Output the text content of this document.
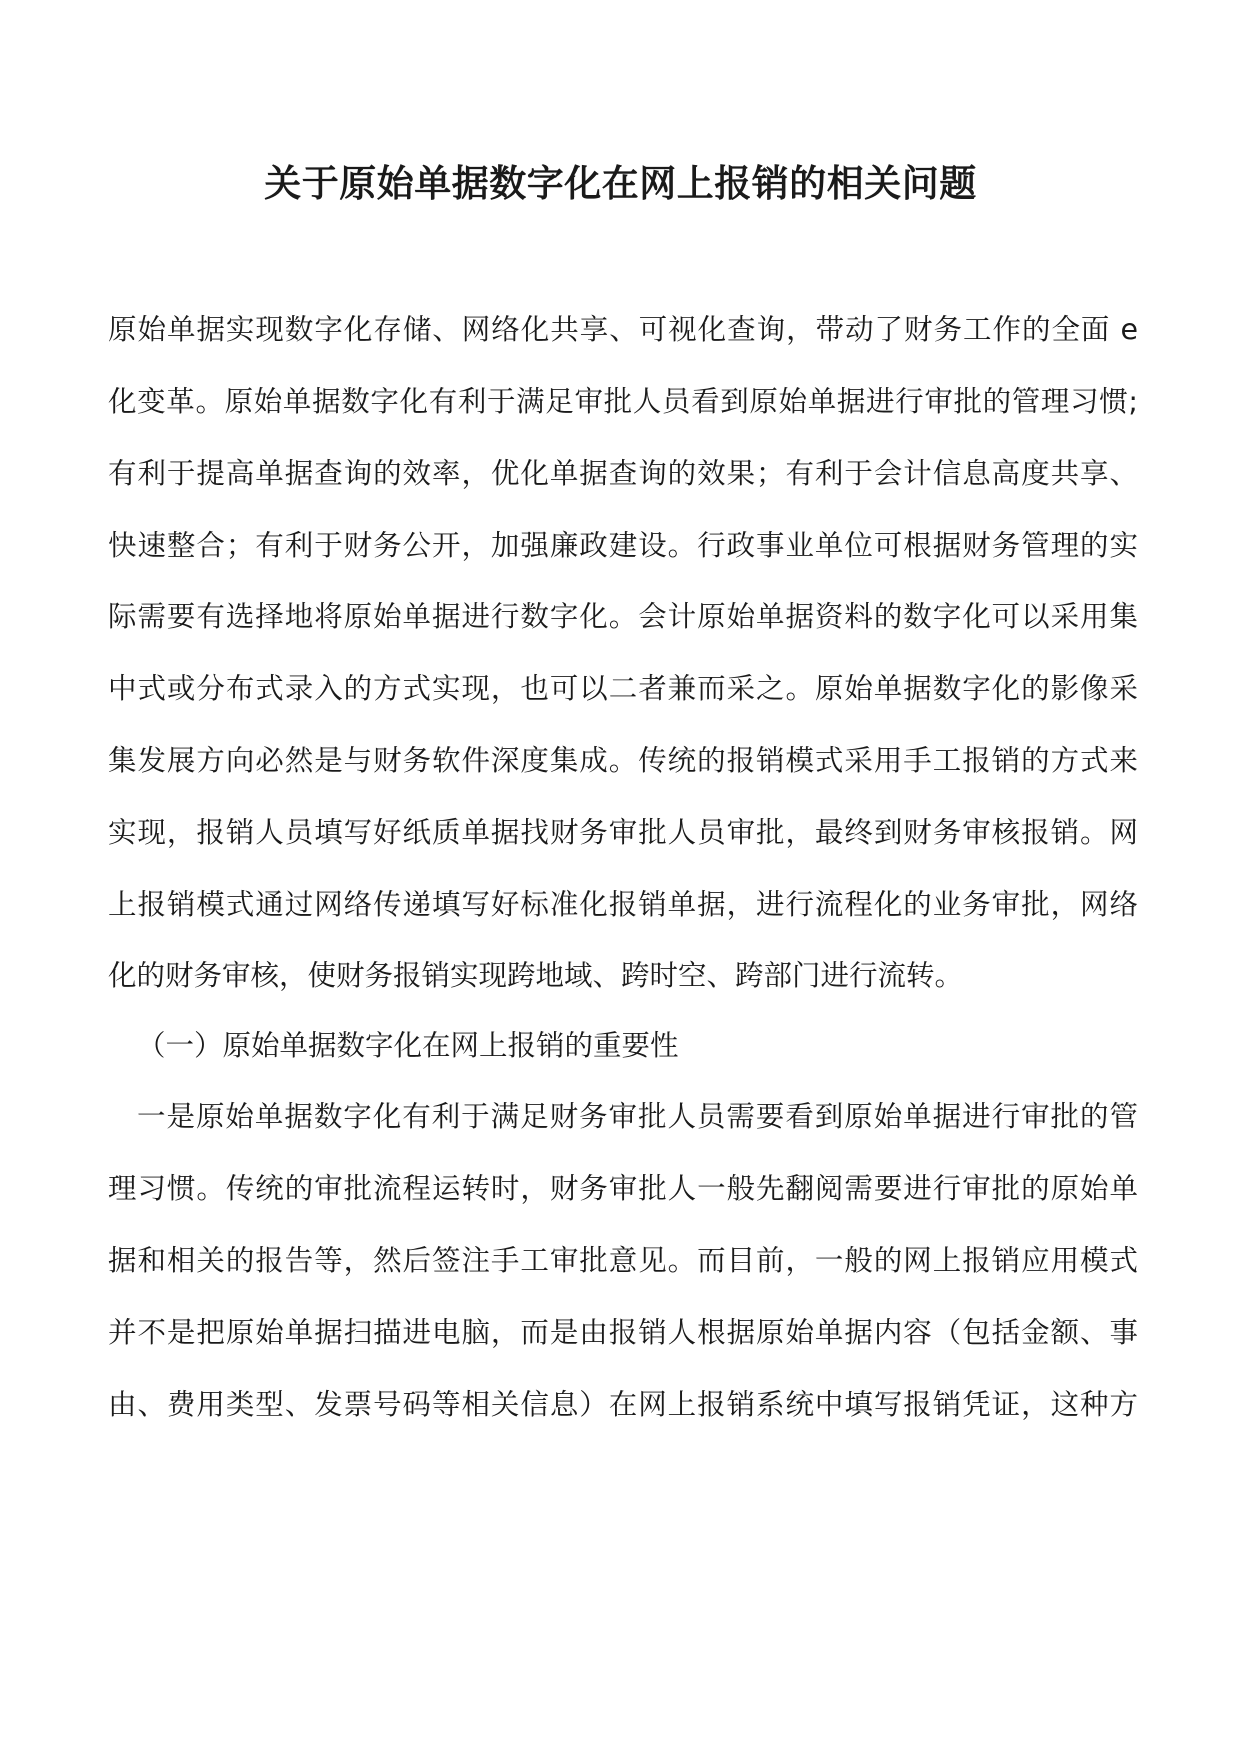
关于原始单据数字化在网上报销的相关问题
原始单据实现数字化存储、网络化共享、可视化查询，带动了财务工作的全面 e
化变革。原始单据数字化有利于满足审批人员看到原始单据进行审批的管理习惯;
有利于提高单据查询的效率，优化单据查询的效果；有利于会计信息高度共享、
快速整合；有利于财务公开，加强廉政建设。行政事业单位可根据财务管理的实
际需要有选择地将原始单据进行数字化。会计原始单据资料的数字化可以采用集
中式或分布式录入的方式实现，也可以二者兼而采之。原始单据数字化的影像采
集发展方向必然是与财务软件深度集成。传统的报销模式采用手工报销的方式来
实现，报销人员填写好纸质单据找财务审批人员审批，最终到财务审核报销。网
上报销模式通过网络传递填写好标准化报销单据，进行流程化的业务审批，网络
化的财务审核，使财务报销实现跨地域、跨时空、跨部门进行流转。
（一）原始单据数字化在网上报销的重要性
一是原始单据数字化有利于满足财务审批人员需要看到原始单据进行审批的管
理习惯。传统的审批流程运转时，财务审批人一般先翻阅需要进行审批的原始单
据和相关的报告等，然后签注手工审批意见。而目前，一般的网上报销应用模式
并不是把原始单据扫描进电脑，而是由报销人根据原始单据内容（包括金额、事
由、费用类型、发票号码等相关信息）在网上报销系统中填写报销凭证，这种方
